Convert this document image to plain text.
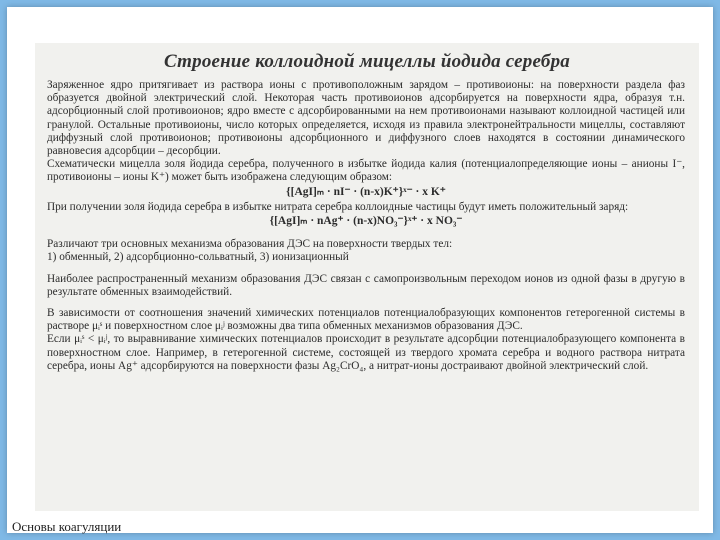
Строение коллоидной мицеллы йодида серебра

Заряженное ядро притягивает из раствора ионы с противоположным зарядом – противоионы: на поверхности раздела фаз образуется двойной электрический слой. Некоторая часть противоионов адсорбируется на поверхности ядра, образуя т.н. адсорбционный слой противоионов; ядро вместе с адсорбированными на нем противоионами называют коллоидной частицей или гранулой. Остальные противоионы, число которых определяется, исходя из правила электронейтральности мицеллы, составляют диффузный слой противоионов; противоионы адсорбционного и диффузного слоев находятся в состоянии динамического равновесия адсорбции – десорбции.

Схематически мицелла золя йодида серебра, полученного в избытке йодида калия (потенциалопределяющие ионы – анионы I⁻, противоионы – ионы K⁺) может быть изображена следующим образом:

{[AgI]ₘ · nI⁻ · (n-x)K⁺}ˣ⁻ · x K⁺

При получении золя йодида серебра в избытке нитрата серебра коллоидные частицы будут иметь положительный заряд:

{[AgI]ₘ · nAg⁺ · (n-x)NO₃⁻}ˣ⁺ · x NO₃⁻

Различают три основных механизма образования ДЭС на поверхности твердых тел:

1) обменный, 2) адсорбционно-сольватный, 3) ионизационный

Наиболее распространенный механизм образования ДЭС связан с самопроизвольным переходом ионов из одной фазы в другую в результате обменных взаимодействий.

В зависимости от соотношения значений химических потенциалов потенциалобразующих компонентов гетерогенной системы в растворе μᵢˢ и поверхностном слое μᵢʲ возможны два типа обменных механизмов образования ДЭС.

Если μᵢˢ < μᵢʲ, то выравнивание химических потенциалов происходит в результате адсорбции потенциалобразующего компонента в поверхностном слое. Например, в гетерогенной системе, состоящей из твердого хромата серебра и водного раствора нитрата серебра, ионы Ag⁺ адсорбируются на поверхности фазы Ag₂CrO₄, а нитрат-ионы достраивают двойной электрический слой.

Основы коагуляции
